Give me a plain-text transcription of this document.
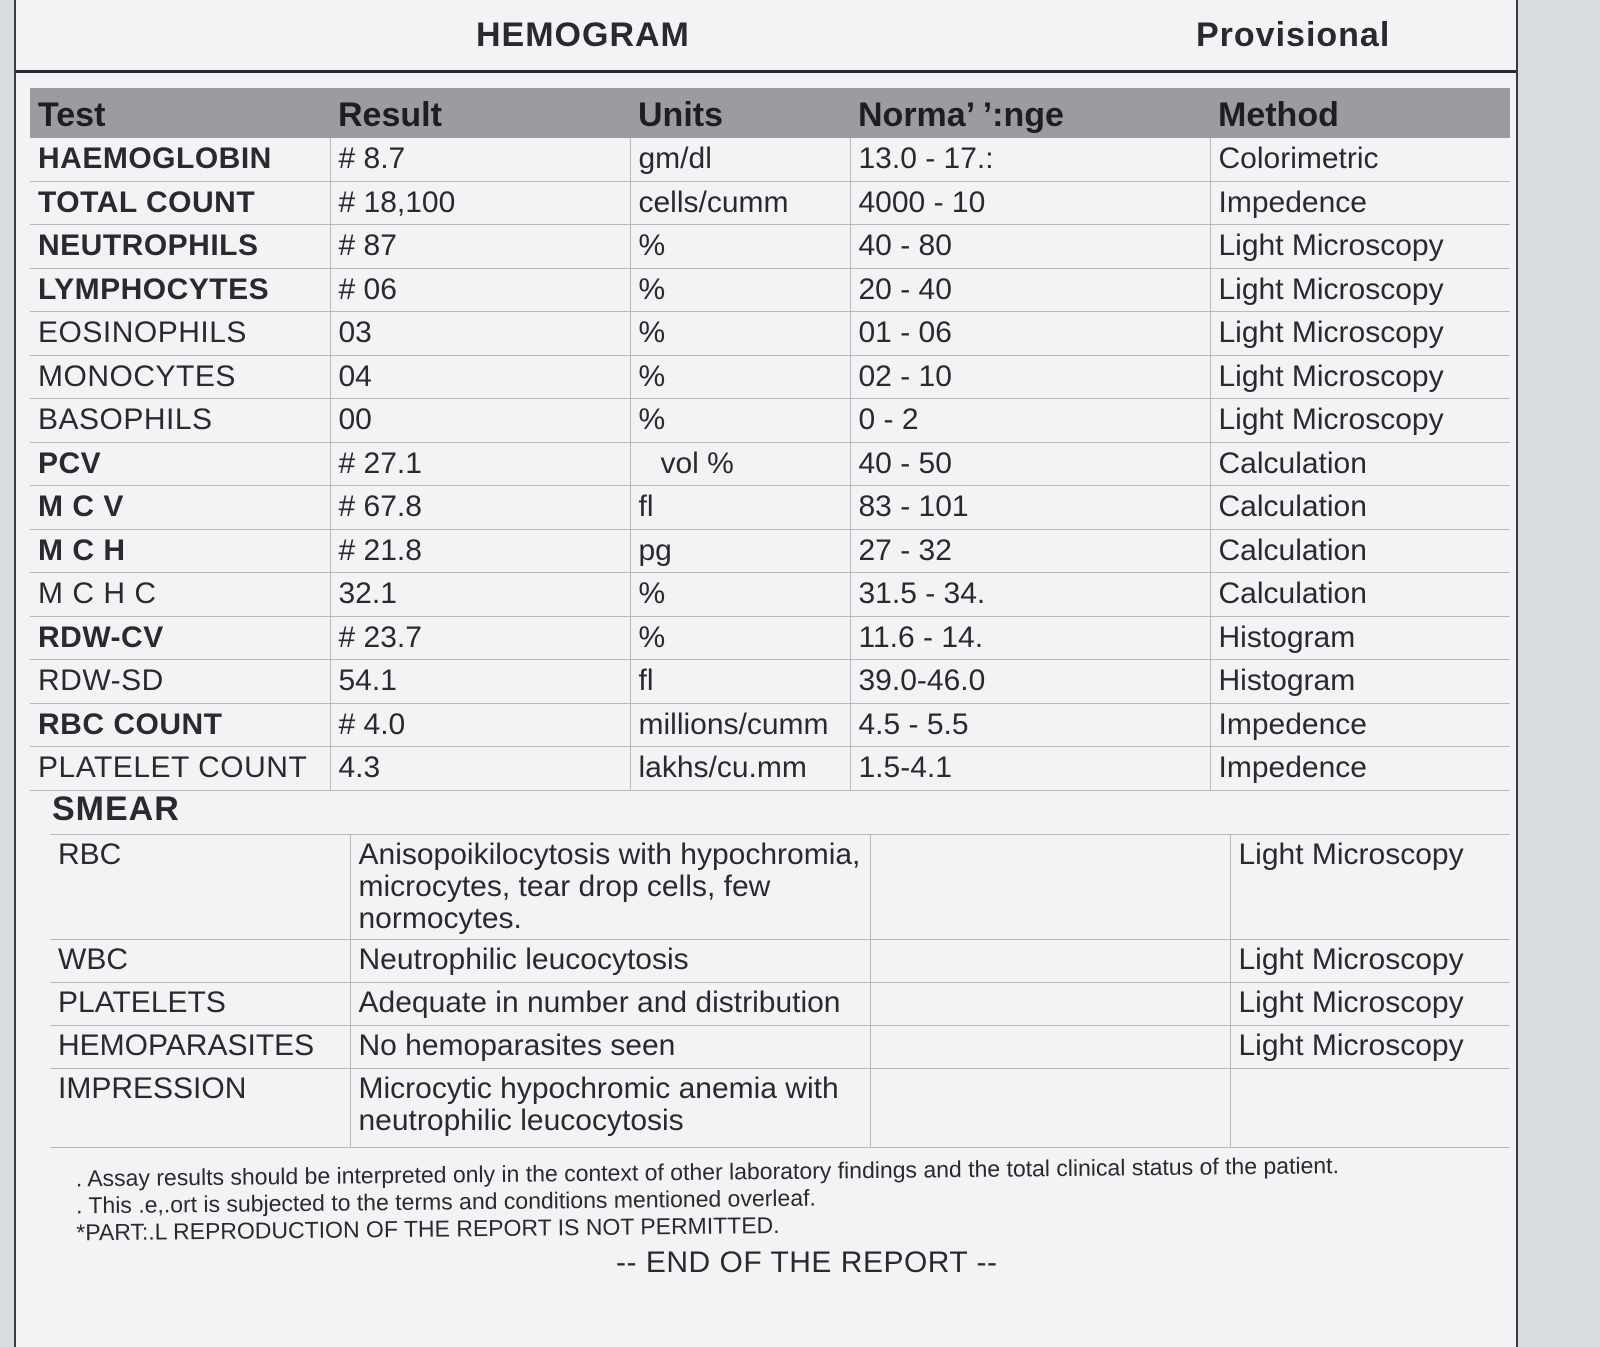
HEMOGRAM	Provisional
Test	Result	Units	Norma’ ’:nge	Method
HAEMOGLOBIN	# 8.7	gm/dl	13.0 - 17.:	Colorimetric
TOTAL COUNT	# 18,100	cells/cumm	4000 - 10	Impedence
NEUTROPHILS	# 87	%	40 - 80	Light Microscopy
LYMPHOCYTES	# 06	%	20 - 40	Light Microscopy
EOSINOPHILS	03	%	01 - 06	Light Microscopy
MONOCYTES	04	%	02 - 10	Light Microscopy
BASOPHILS	00	%	0 - 2	Light Microscopy
PCV	# 27.1	vol %	40 - 50	Calculation
M C V	# 67.8	fl	83 - 101	Calculation
M C H	# 21.8	pg	27 - 32	Calculation
M C H C	32.1	%	31.5 - 34.	Calculation
RDW-CV	# 23.7	%	11.6 - 14.	Histogram
RDW-SD	54.1	fl	39.0-46.0	Histogram
RBC COUNT	# 4.0	millions/cumm	4.5 - 5.5	Impedence
PLATELET COUNT	4.3	lakhs/cu.mm	1.5-4.1	Impedence
SMEAR
RBC	Anisopoikilocytosis with hypochromia, microcytes, tear drop cells, few normocytes.		Light Microscopy
WBC	Neutrophilic leucocytosis		Light Microscopy
PLATELETS	Adequate in number and distribution		Light Microscopy
HEMOPARASITES	No hemoparasites seen		Light Microscopy
IMPRESSION	Microcytic hypochromic anemia with neutrophilic leucocytosis		
. Assay results should be interpreted only in the context of other laboratory findings and the total clinical status of the patient.
. This .e,.ort is subjected to the terms and conditions mentioned overleaf.
*PART:.L REPRODUCTION OF THE REPORT IS NOT PERMITTED.
-- END OF THE REPORT --
